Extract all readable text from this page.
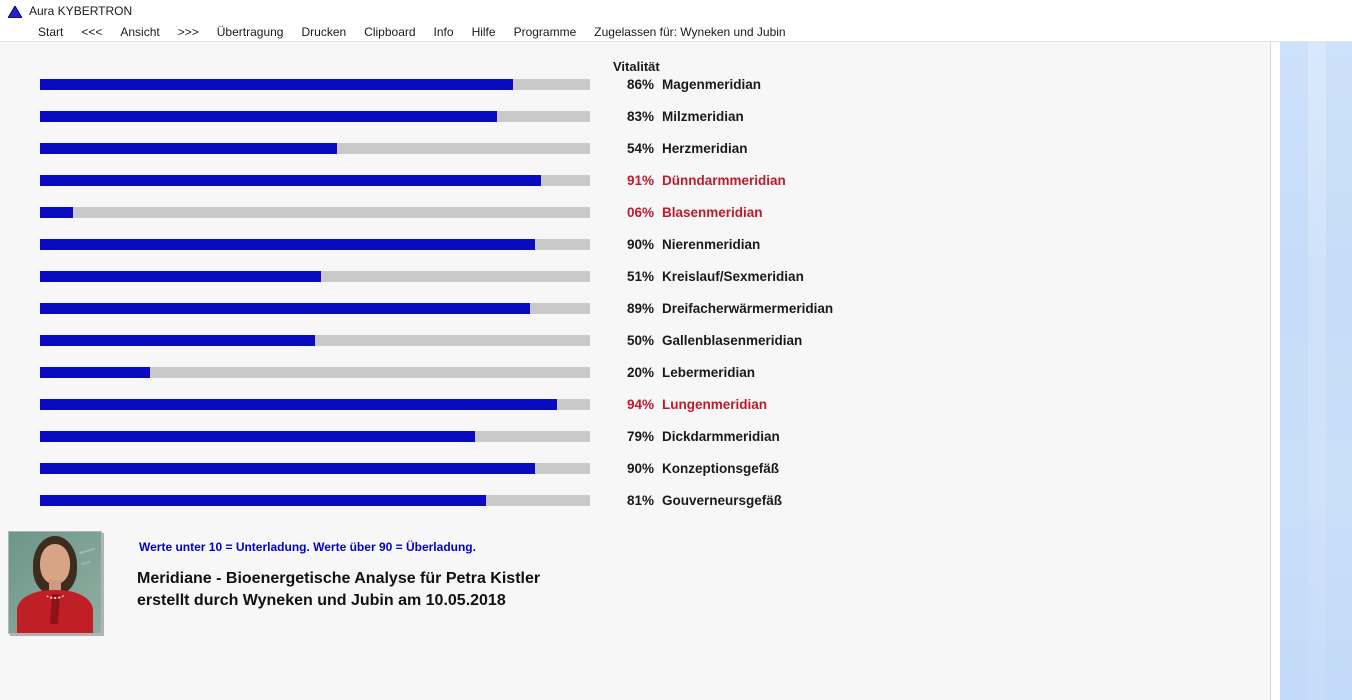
Aura KYBERTRON
Start	<<<	Ansicht	>>>	Übertragung	Drucken	Clipboard	Info	Hilfe	Programme	Zugelassen für: Wyneken und Jubin
Vitalität
86% Magenmeridian
83% Milzmeridian
54% Herzmeridian
91% Dünndarmmeridian
06% Blasenmeridian
90% Nierenmeridian
51% Kreislauf/Sexmeridian
89% Dreifacherwärmermeridian
50% Gallenblasenmeridian
20% Lebermeridian
94% Lungenmeridian
79% Dickdarmmeridian
90% Konzeptionsgefäß
81% Gouverneursgefäß
Werte unter 10 = Unterladung. Werte über 90 = Überladung.
Meridiane - Bioenergetische Analyse für Petra Kistler
erstellt durch Wyneken und Jubin am 10.05.2018
